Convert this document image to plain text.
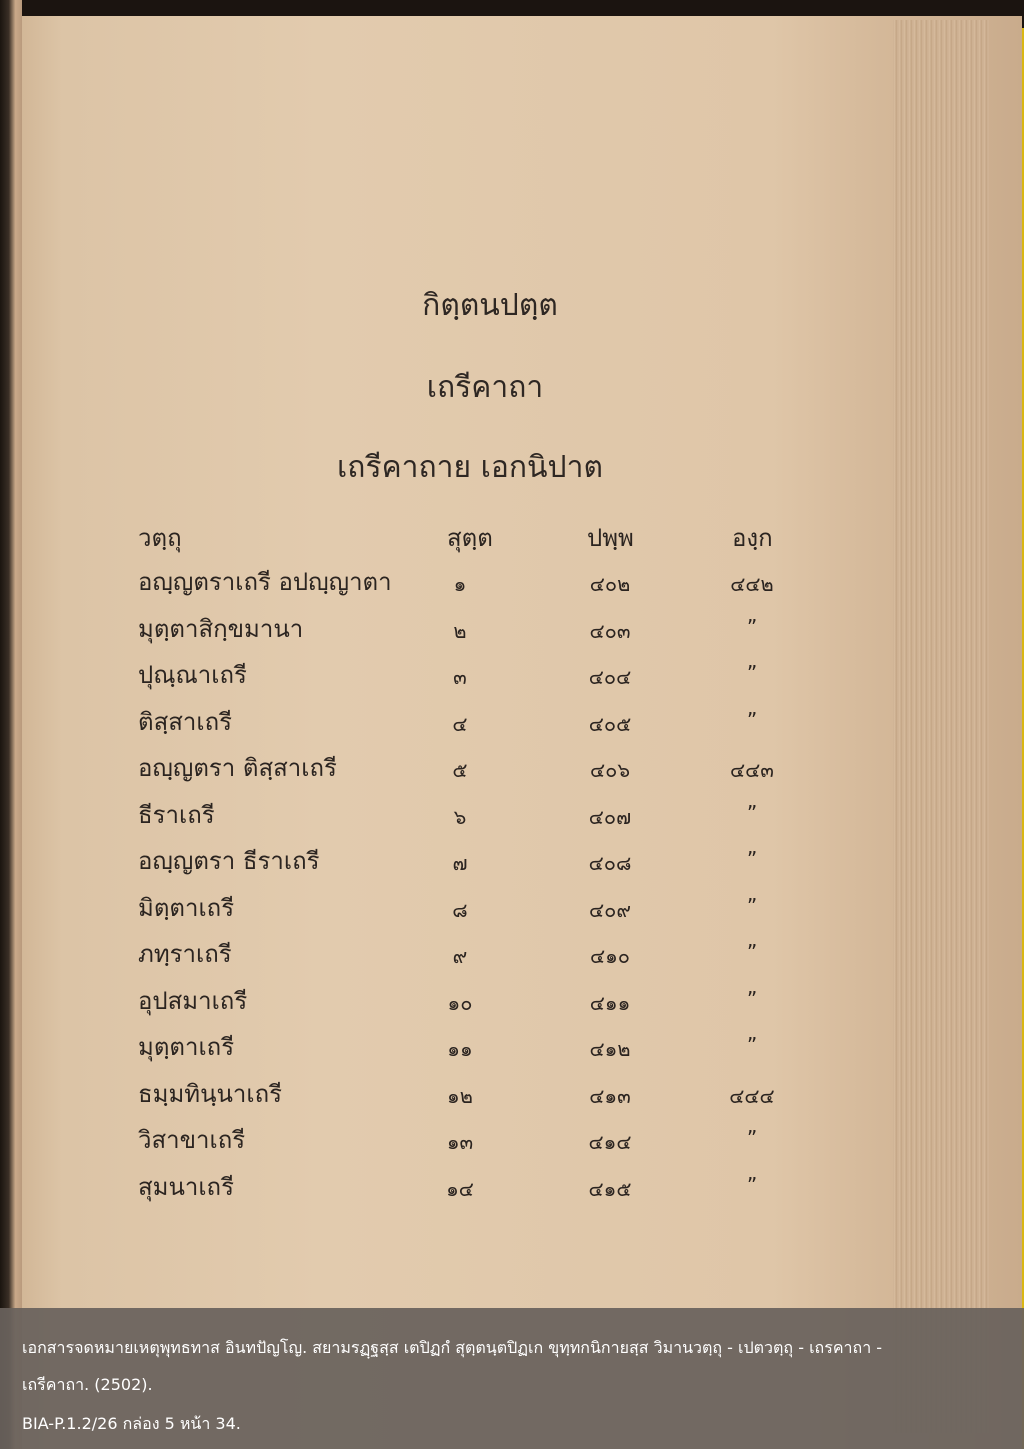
กิตฺตนปตฺต
เถรีคาถา
เถรีคาถาย เอกนิปาต
วตฺถุ	สุตฺต	ปพฺพ	องฺก
อญฺญตราเถรี อปญฺญาตา	๑	๔๐๒	๔๔๒
มุตฺตาสิกฺขมานา	๒	๔๐๓	”
ปุณฺณาเถรี	๓	๔๐๔	”
ติสฺสาเถรี	๔	๔๐๕	”
อญฺญตรา ติสฺสาเถรี	๕	๔๐๖	๔๔๓
ธีราเถรี	๖	๔๐๗	”
อญฺญตรา ธีราเถรี	๗	๔๐๘	”
มิตฺตาเถรี	๘	๔๐๙	”
ภทฺราเถรี	๙	๔๑๐	”
อุปสมาเถรี	๑๐	๔๑๑	”
มุตฺตาเถรี	๑๑	๔๑๒	”
ธมฺมทินฺนาเถรี	๑๒	๔๑๓	๔๔๔
วิสาขาเถรี	๑๓	๔๑๔	”
สุมนาเถรี	๑๔	๔๑๕	”
เอกสารจดหมายเหตุพุทธทาส อินทปัญโญ. สยามรฏฺฐสฺส เตปิฏกํ สุตฺตนฺตปิฏเก ขุทฺทกนิกายสฺส วิมานวตฺถุ - เปตวตฺถุ - เถรคาถา -
เถรีคาถา. (2502).
BIA-P.1.2/26 กล่อง 5 หน้า 34.
